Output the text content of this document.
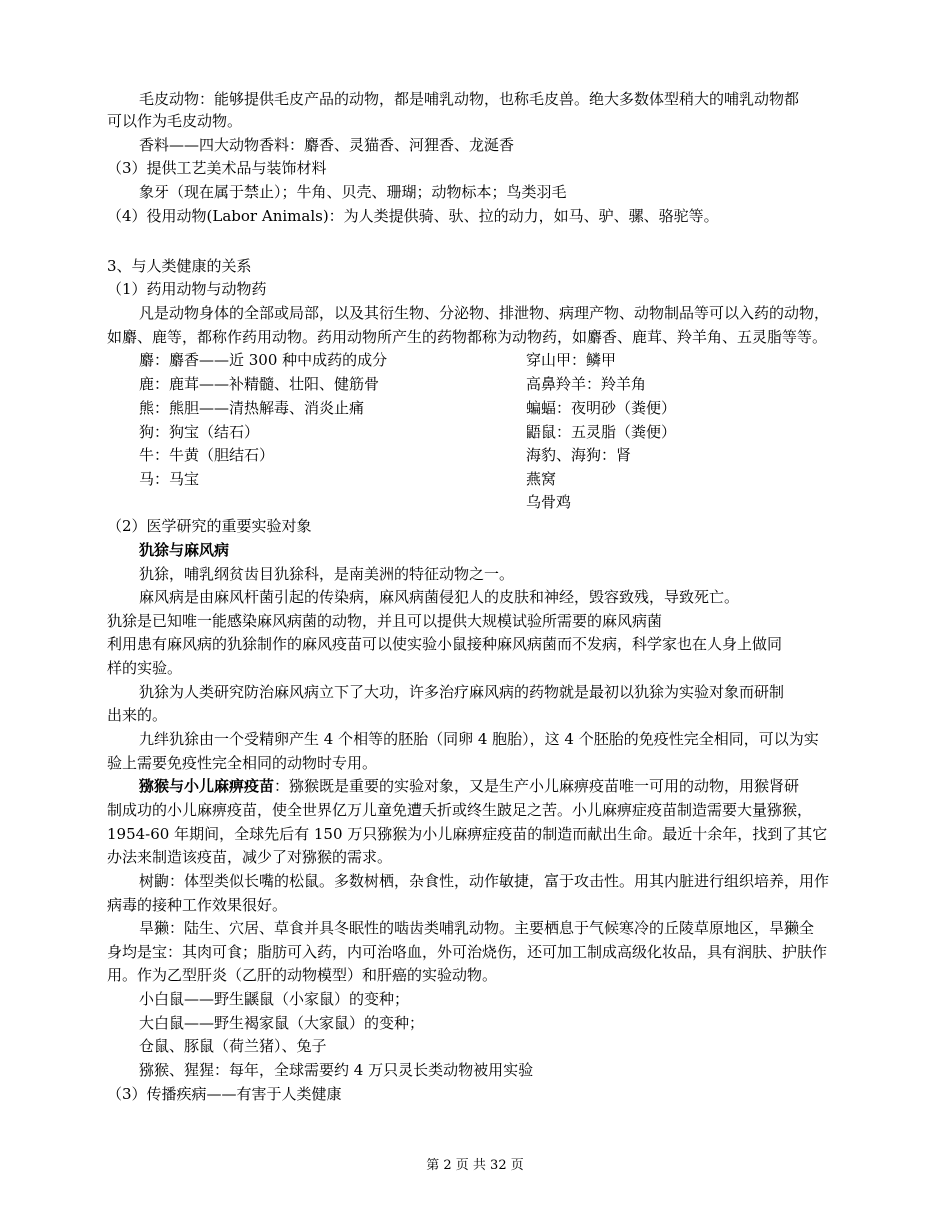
毛皮动物：能够提供毛皮产品的动物，都是哺乳动物，也称毛皮兽。绝大多数体型稍大的哺乳动物都
可以作为毛皮动物。
香料——四大动物香料：麝香、灵猫香、河狸香、龙涎香
（3）提供工艺美术品与装饰材料
象牙（现在属于禁止）；牛角、贝壳、珊瑚；动物标本；鸟类羽毛
（4）役用动物(Labor Animals)：为人类提供骑、驮、拉的动力，如马、驴、骡、骆驼等。
3、与人类健康的关系
（1）药用动物与动物药
凡是动物身体的全部或局部，以及其衍生物、分泌物、排泄物、病理产物、动物制品等可以入药的动物，
如麝、鹿等，都称作药用动物。药用动物所产生的药物都称为动物药，如麝香、鹿茸、羚羊角、五灵脂等等。
麝：麝香——近 300 种中成药的成分
鹿：鹿茸——补精髓、壮阳、健筋骨
熊：熊胆——清热解毒、消炎止痛
狗：狗宝（结石）
牛：牛黄（胆结石）
马：马宝
穿山甲：鳞甲
高鼻羚羊：羚羊角
蝙蝠：夜明砂（粪便）
鼯鼠：五灵脂（粪便）
海豹、海狗：肾
燕窝
乌骨鸡
（2）医学研究的重要实验对象
犰狳与麻风病
犰狳，哺乳纲贫齿目犰狳科，是南美洲的特征动物之一。
麻风病是由麻风杆菌引起的传染病，麻风病菌侵犯人的皮肤和神经，毁容致残，导致死亡。
犰狳是已知唯一能感染麻风病菌的动物，并且可以提供大规模试验所需要的麻风病菌
利用患有麻风病的犰狳制作的麻风疫苗可以使实验小鼠接种麻风病菌而不发病，科学家也在人身上做同
样的实验。
犰狳为人类研究防治麻风病立下了大功，许多治疗麻风病的药物就是最初以犰狳为实验对象而研制
出来的。
九绊犰狳由一个受精卵产生 4 个相等的胚胎（同卵 4 胞胎），这 4 个胚胎的免疫性完全相同，可以为实
验上需要免疫性完全相同的动物时专用。
猕猴与小儿麻痹疫苗：猕猴既是重要的实验对象，又是生产小儿麻痹疫苗唯一可用的动物，用猴肾研
制成功的小儿麻痹疫苗，使全世界亿万儿童免遭夭折或终生跛足之苦。小儿麻痹症疫苗制造需要大量猕猴，
1954-60 年期间，全球先后有 150 万只猕猴为小儿麻痹症疫苗的制造而献出生命。最近十余年，找到了其它
办法来制造该疫苗，减少了对猕猴的需求。
树鼩：体型类似长嘴的松鼠。多数树栖，杂食性，动作敏捷，富于攻击性。用其内脏进行组织培养，用作
病毒的接种工作效果很好。
旱獭：陆生、穴居、草食并具冬眠性的啮齿类哺乳动物。主要栖息于气候寒冷的丘陵草原地区，旱獭全
身均是宝：其肉可食；脂肪可入药，内可治咯血，外可治烧伤，还可加工制成高级化妆品，具有润肤、护肤作
用。作为乙型肝炎（乙肝的动物模型）和肝癌的实验动物。
小白鼠——野生鼷鼠（小家鼠）的变种；
大白鼠——野生褐家鼠（大家鼠）的变种；
仓鼠、豚鼠（荷兰猪）、兔子
猕猴、猩猩：每年，全球需要约 4 万只灵长类动物被用实验
（3）传播疾病——有害于人类健康
第 2 页 共 32 页
